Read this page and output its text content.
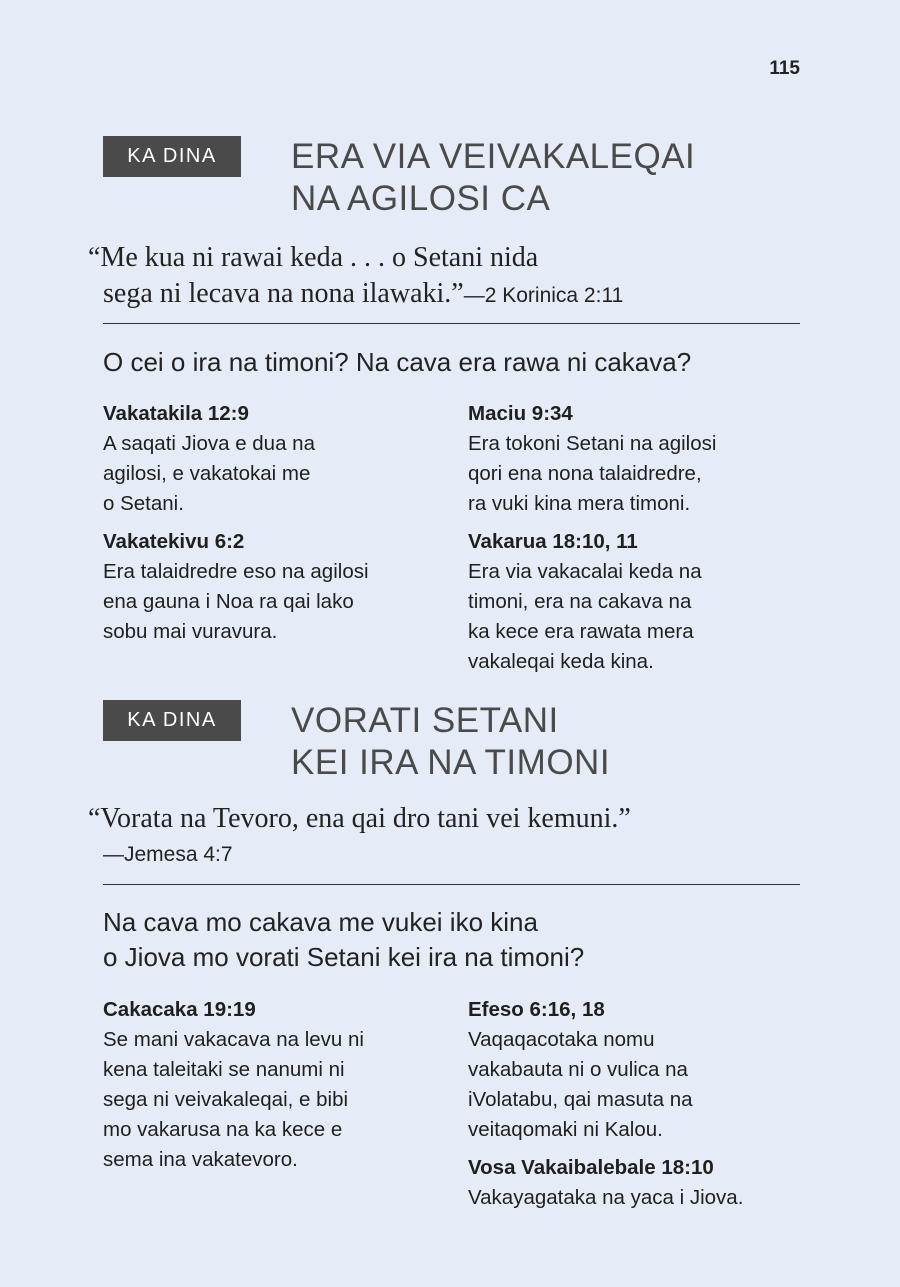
115
KA DINA	ERA VIA VEIVAKALEQAI
NA AGILOSI CA
“Me kua ni rawai keda . . . o Setani nida
sega ni lecava na nona ilawaki.”—2 Korinica 2:11
O cei o ira na timoni? Na cava era rawa ni cakava?
Vakatakila 12:9
A saqati Jiova e dua na
agilosi, e vakatokai me
o Setani.
Vakatekivu 6:2
Era talaidredre eso na agilosi
ena gauna i Noa ra qai lako
sobu mai vuravura.
Maciu 9:34
Era tokoni Setani na agilosi
qori ena nona talaidredre,
ra vuki kina mera timoni.
Vakarua 18:10, 11
Era via vakacalai keda na
timoni, era na cakava na
ka kece era rawata mera
vakaleqai keda kina.
KA DINA	VORATI SETANI
KEI IRA NA TIMONI
“Vorata na Tevoro, ena qai dro tani vei kemuni.”
—Jemesa 4:7
Na cava mo cakava me vukei iko kina
o Jiova mo vorati Setani kei ira na timoni?
Cakacaka 19:19
Se mani vakacava na levu ni
kena taleitaki se nanumi ni
sega ni veivakaleqai, e bibi
mo vakarusa na ka kece e
sema ina vakatevoro.
Efeso 6:16, 18
Vaqaqacotaka nomu
vakabauta ni o vulica na
iVolatabu, qai masuta na
veitaqomaki ni Kalou.
Vosa Vakaibalebale 18:10
Vakayagataka na yaca i Jiova.
